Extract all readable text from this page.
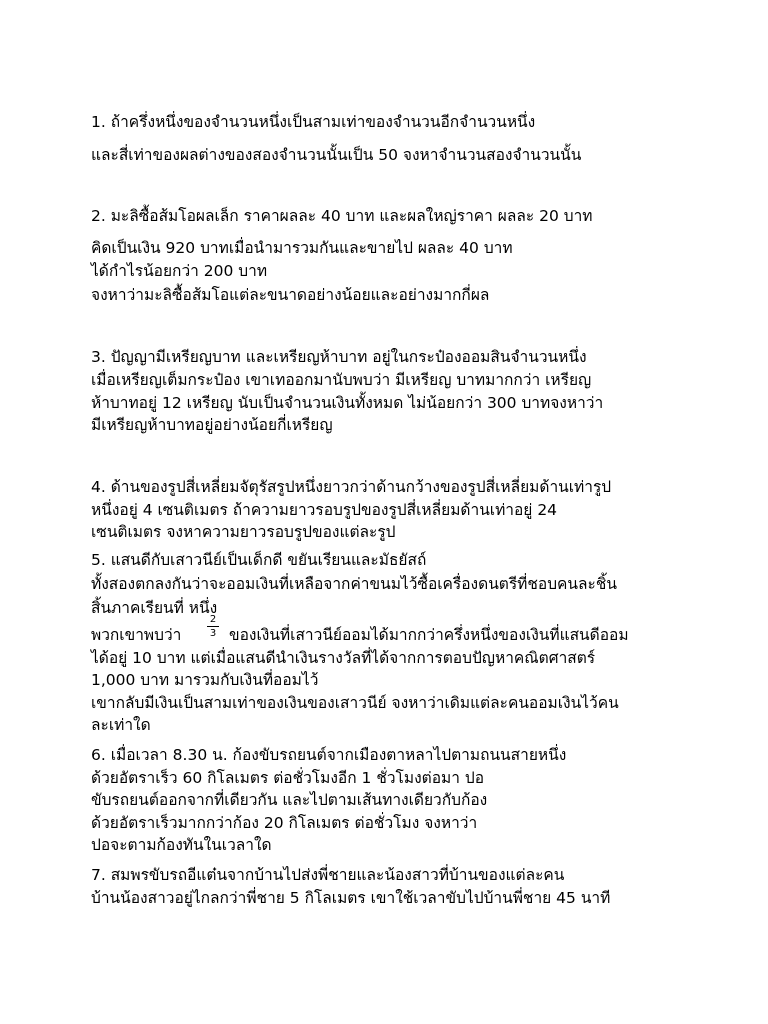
1. ถ้าครึ่งหนึ่งของจำนวนหนึ่งเป็นสามเท่าของจำนวนอีกจำนวนหนึ่ง
และสี่เท่าของผลต่างของสองจำนวนนั้นเป็น 50 จงหาจำนวนสองจำนวนนั้น
2. มะลิซื้อส้มโอผลเล็ก ราคาผลละ 40 บาท และผลใหญ่ราคา ผลละ 20 บาท
คิดเป็นเงิน 920 บาทเมื่อนำมารวมกันและขายไป ผลละ 40 บาท
ได้กำไรน้อยกว่า 200 บาท
จงหาว่ามะลิซื้อส้มโอแต่ละขนาดอย่างน้อยและอย่างมากกี่ผล
3. ปัญญามีเหรียญบาท และเหรียญห้าบาท อยู่ในกระป๋องออมสินจำนวนหนึ่ง
เมื่อเหรียญเต็มกระป๋อง เขาเทออกมานับพบว่า มีเหรียญ บาทมากกว่า เหรียญ
ห้าบาทอยู่ 12 เหรียญ นับเป็นจำนวนเงินทั้งหมด ไม่น้อยกว่า 300 บาทจงหาว่า
มีเหรียญห้าบาทอยู่อย่างน้อยกี่เหรียญ
4. ด้านของรูปสี่เหลี่ยมจัตุรัสรูปหนึ่งยาวกว่าด้านกว้างของรูปสี่เหลี่ยมด้านเท่ารูป
หนึ่งอยู่ 4 เซนติเมตร ถ้าความยาวรอบรูปของรูปสี่เหลี่ยมด้านเท่าอยู่ 24
เซนติเมตร จงหาความยาวรอบรูปของแต่ละรูป
5. แสนดีกับเสาวนีย์เป็นเด็กดี ขยันเรียนและมัธยัสถ์
ทั้งสองตกลงกันว่าจะออมเงินที่เหลือจากค่าขนมไว้ซื้อเครื่องดนตรีที่ชอบคนละชิ้น
สิ้นภาคเรียนที่ หนึ่ง
พวกเขาพบว่า
2
3 ของเงินที่เสาวนีย์ออมได้มากกว่าครึ่งหนึ่งของเงินที่แสนดีออม
ได้อยู่ 10 บาท แต่เมื่อแสนดีนำเงินรางวัลที่ได้จากการตอบปัญหาคณิตศาสตร์
1,000 บาท มารวมกับเงินที่ออมไว้
เขากลับมีเงินเป็นสามเท่าของเงินของเสาวนีย์ จงหาว่าเดิมแต่ละคนออมเงินไว้คน
ละเท่าใด
6. เมื่อเวลา 8.30 น. ก้องขับรถยนต์จากเมืองตาหลาไปตามถนนสายหนึ่ง
ด้วยอัตราเร็ว 60 กิโลเมตร ต่อชั่วโมงอีก 1 ชั่วโมงต่อมา ปอ
ขับรถยนต์ออกจากที่เดียวกัน และไปตามเส้นทางเดียวกับก้อง
ด้วยอัตราเร็วมากกว่าก้อง 20 กิโลเมตร ต่อชั่วโมง จงหาว่า
ปอจะตามก้องทันในเวลาใด
7. สมพรขับรถอีแต๋นจากบ้านไปส่งพี่ชายและน้องสาวที่บ้านของแต่ละคน
บ้านน้องสาวอยู่ไกลกว่าพี่ชาย 5 กิโลเมตร เขาใช้เวลาขับไปบ้านพี่ชาย 45 นาที
